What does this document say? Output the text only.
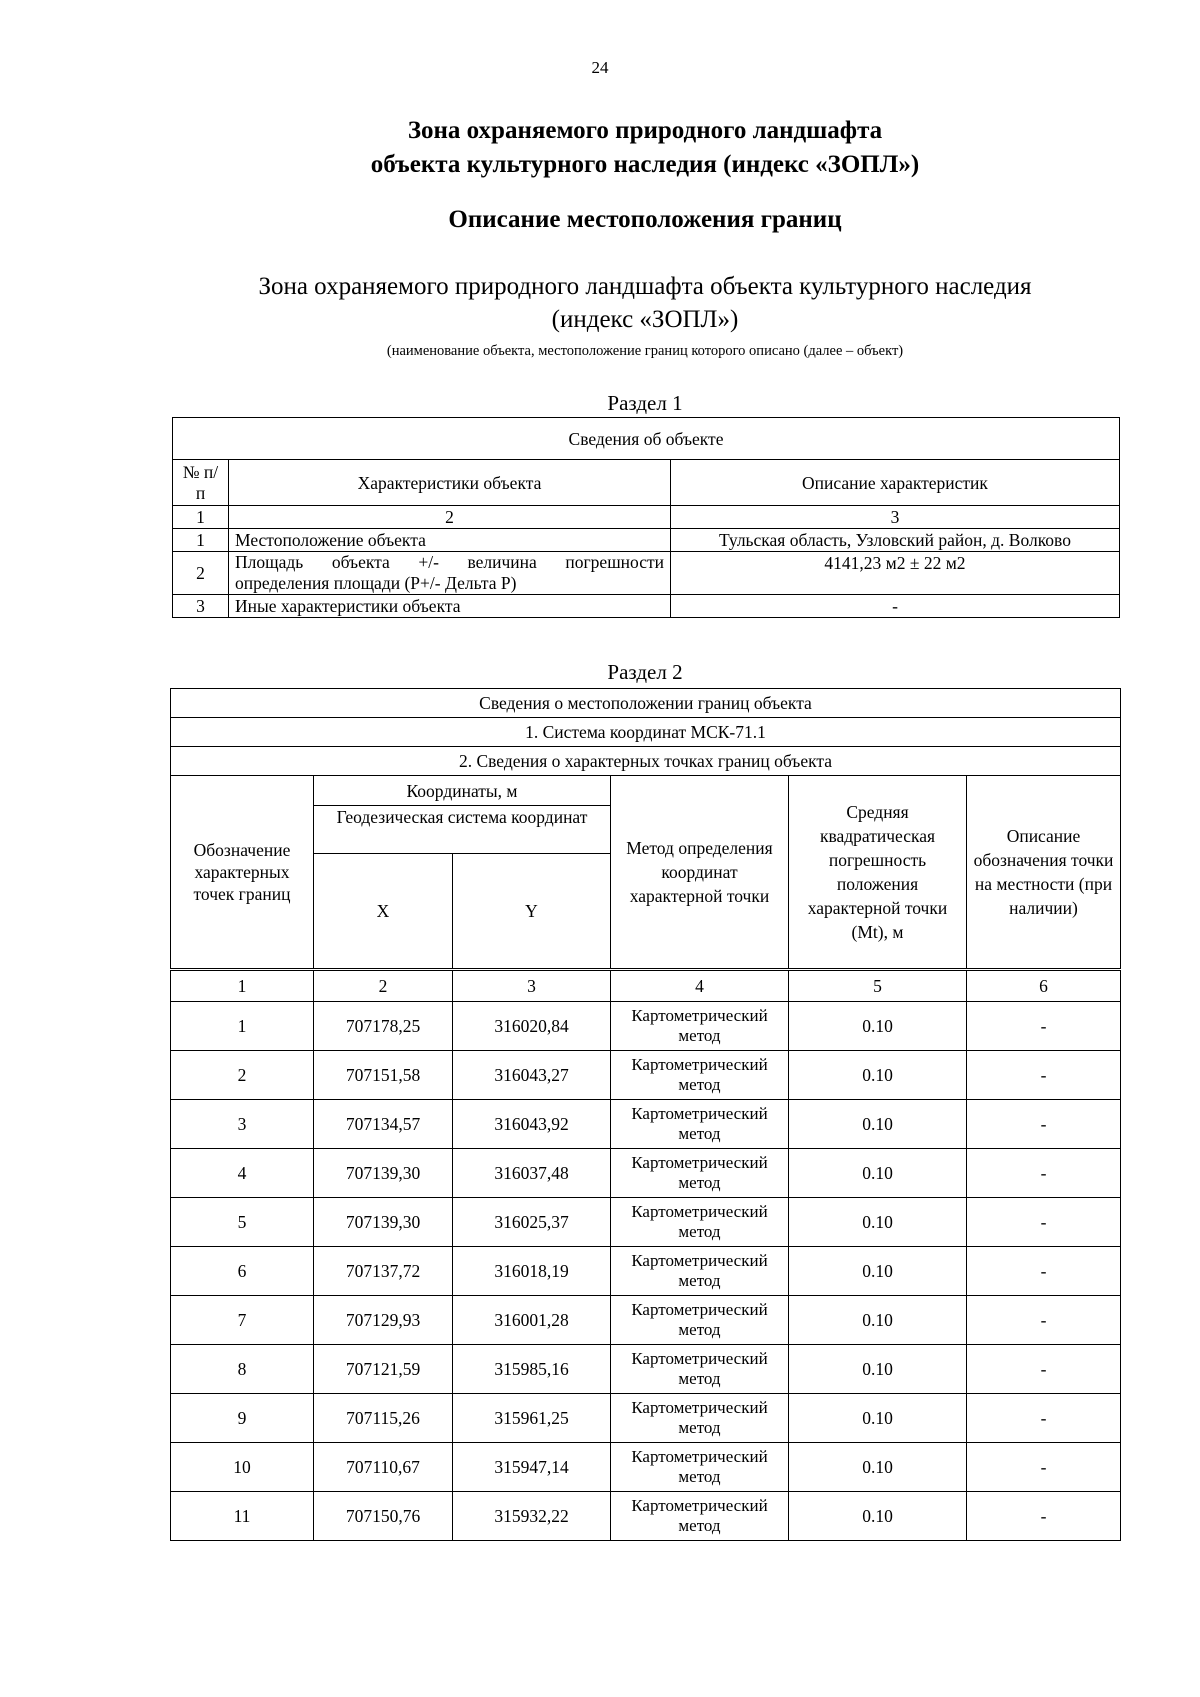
24
Зона охраняемого природного ландшафта
объекта культурного наследия (индекс «ЗОПЛ»)
Описание местоположения границ
Зона охраняемого природного ландшафта объекта культурного наследия
(индекс «ЗОПЛ»)
(наименование объекта, местоположение границ которого описано (далее – объект)
Раздел 1
Сведения об объекте		
№ п/п	Характеристики объекта	Описание характеристик
1	2	3
1	Местоположение объекта	Тульская область, Узловский район, д. Волково
2	Площадь объекта +/- величина погрешности определения площади (P+/- Дельта P)	4141,23 м2 ± 22 м2
3	Иные характеристики объекта	-
Раздел 2
Сведения о местоположении границ объекта					
1. Система координат МСК-71.1					
2. Сведения о характерных точках границ объекта					
Обозначение характерных точек границ	Координаты, м		Метод определения координат характерной точки	Средняя квадратическая погрешность положения характерной точки (Mt), м	Описание обозначения точки на местности (при наличии)
	Геодезическая система координат				
	X	Y			
1	2	3	4	5	6
1	707178,25	316020,84	Картометрический метод	0.10	-
2	707151,58	316043,27	Картометрический метод	0.10	-
3	707134,57	316043,92	Картометрический метод	0.10	-
4	707139,30	316037,48	Картометрический метод	0.10	-
5	707139,30	316025,37	Картометрический метод	0.10	-
6	707137,72	316018,19	Картометрический метод	0.10	-
7	707129,93	316001,28	Картометрический метод	0.10	-
8	707121,59	315985,16	Картометрический метод	0.10	-
9	707115,26	315961,25	Картометрический метод	0.10	-
10	707110,67	315947,14	Картометрический метод	0.10	-
11	707150,76	315932,22	Картометрический метод	0.10	-
